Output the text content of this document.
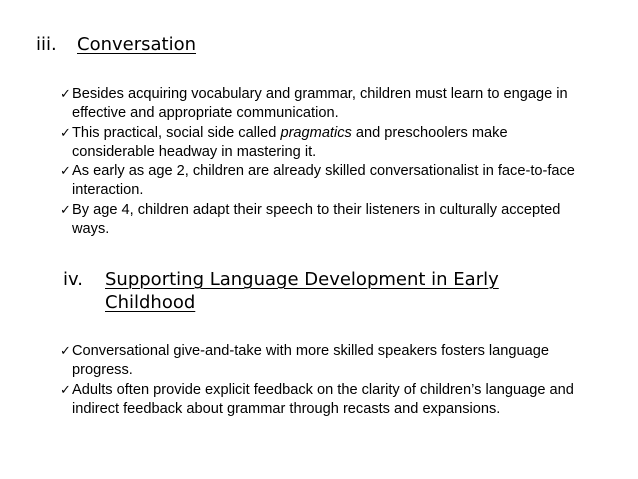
iii. Conversation
✓ Besides acquiring vocabulary and grammar, children must learn to engage in
effective and appropriate communication.
✓ This practical, social side called pragmatics and preschoolers make
considerable headway in mastering it.
✓ As early as age 2, children are already skilled conversationalist in face-to-face
interaction.
✓ By age 4, children adapt their speech to their listeners in culturally accepted
ways.
iv. Supporting Language Development in Early
Childhood
✓ Conversational give-and-take with more skilled speakers fosters language
progress.
✓ Adults often provide explicit feedback on the clarity of children’s language and
indirect feedback about grammar through recasts and expansions.
